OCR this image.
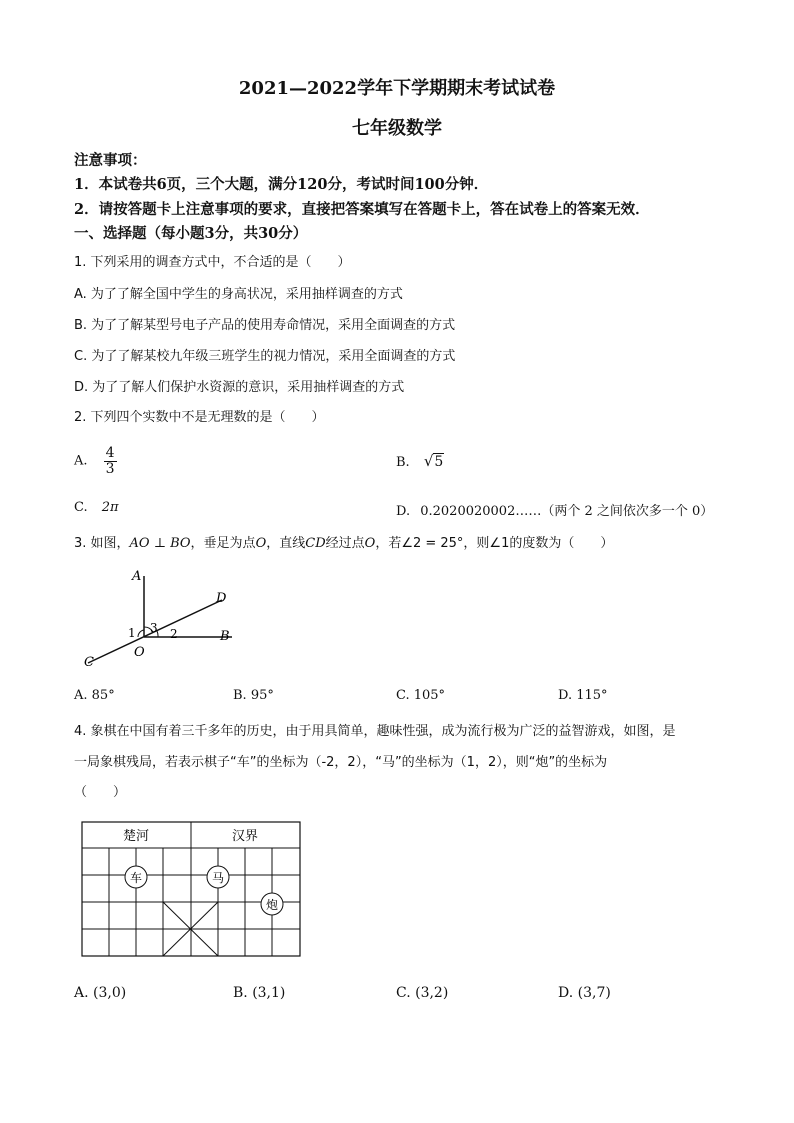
2021—2022学年下学期期末考试试卷
七年级数学
注意事项：
1．本试卷共6页，三个大题，满分120分，考试时间100分钟．
2．请按答题卡上注意事项的要求，直接把答案填写在答题卡上，答在试卷上的答案无效．
一、选择题（每小题3分，共30分）
1. 下列采用的调查方式中，不合适的是（　　）
A. 为了了解全国中学生的身高状况，采用抽样调查的方式
B. 为了了解某型号电子产品的使用寿命情况，采用全面调查的方式
C. 为了了解某校九年级三班学生的视力情况，采用全面调查的方式
D. 为了了解人们保护水资源的意识，采用抽样调查的方式
2. 下列四个实数中不是无理数的是（　　）
A. $\frac{4}{3}$	B. √5
C. 2π	D. 0.2020020002……（两个 2 之间依次多一个 0）
3. 如图，AO ⊥ BO，垂足为点O，直线CD经过点O，若∠2 = 25°，则∠1的度数为（　　）
A
D
B
C
O
1 3 2
A. 85°	B. 95°	C. 105°	D. 115°
4. 象棋在中国有着三千多年的历史，由于用具简单，趣味性强，成为流行极为广泛的益智游戏，如图，是
一局象棋残局，若表示棋子“车”的坐标为（-2，2），“马”的坐标为（1，2），则“炮”的坐标为
（　　）
楚河	汉界
车	马
炮
A. (3,0)	B. (3,1)	C. (3,2)	D. (3,7)
